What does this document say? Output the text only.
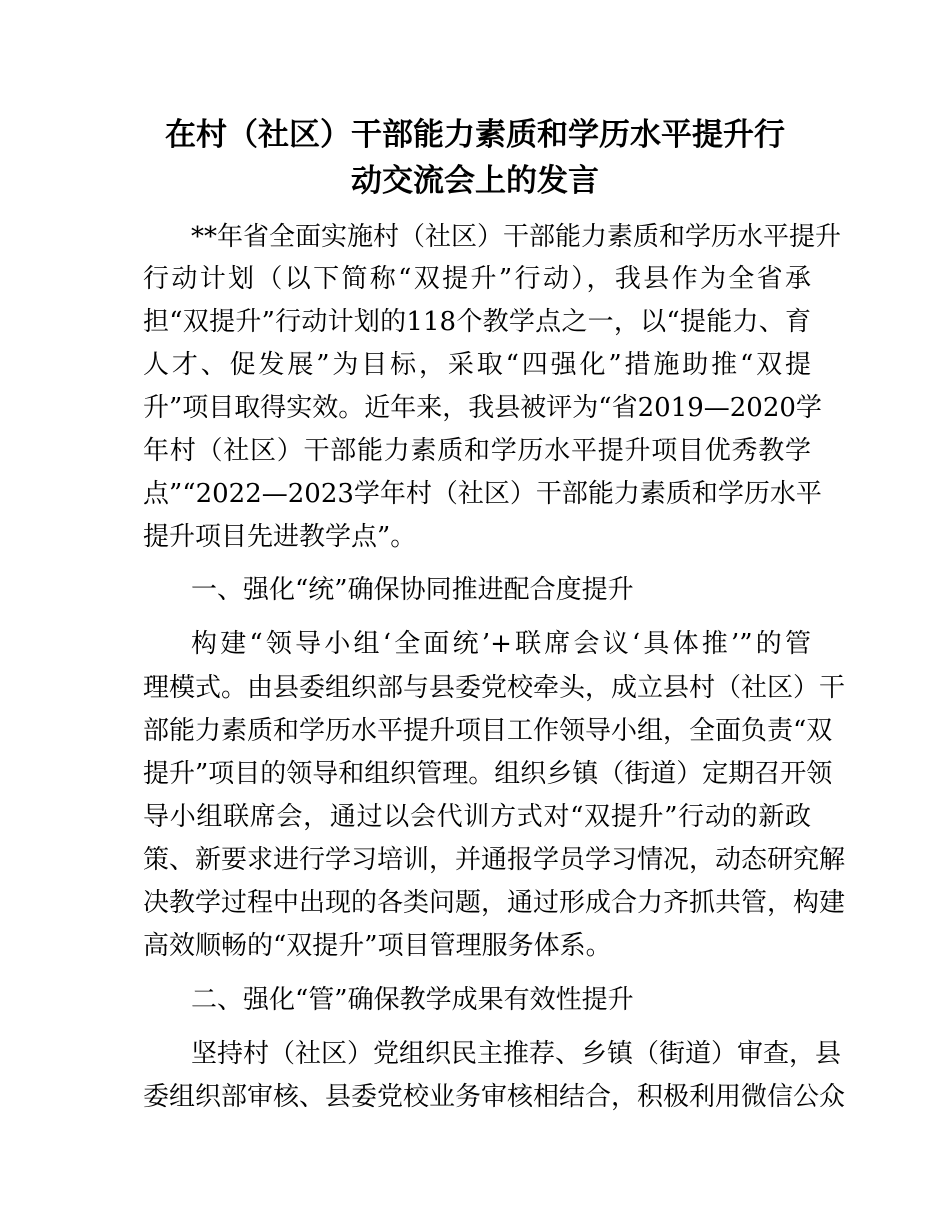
在村（社区）干部能力素质和学历水平提升行
动交流会上的发言
**年省全面实施村（社区）干部能力素质和学历水平提升
行动计划（以下简称“双提升”行动），我县作为全省承
担“双提升”行动计划的118个教学点之一，以“提能力、育
人才、促发展”为目标，采取“四强化”措施助推“双提
升”项目取得实效。近年来，我县被评为“省2019—2020学
年村（社区）干部能力素质和学历水平提升项目优秀教学
点”“2022—2023学年村（社区）干部能力素质和学历水平
提升项目先进教学点”。
一、强化“统”确保协同推进配合度提升
构建“领导小组‘全面统’+联席会议‘具体推’”的管
理模式。由县委组织部与县委党校牵头，成立县村（社区）干
部能力素质和学历水平提升项目工作领导小组，全面负责“双
提升”项目的领导和组织管理。组织乡镇（街道）定期召开领
导小组联席会，通过以会代训方式对“双提升”行动的新政
策、新要求进行学习培训，并通报学员学习情况，动态研究解
决教学过程中出现的各类问题，通过形成合力齐抓共管，构建
高效顺畅的“双提升”项目管理服务体系。
二、强化“管”确保教学成果有效性提升
坚持村（社区）党组织民主推荐、乡镇（街道）审查，县
委组织部审核、县委党校业务审核相结合，积极利用微信公众
